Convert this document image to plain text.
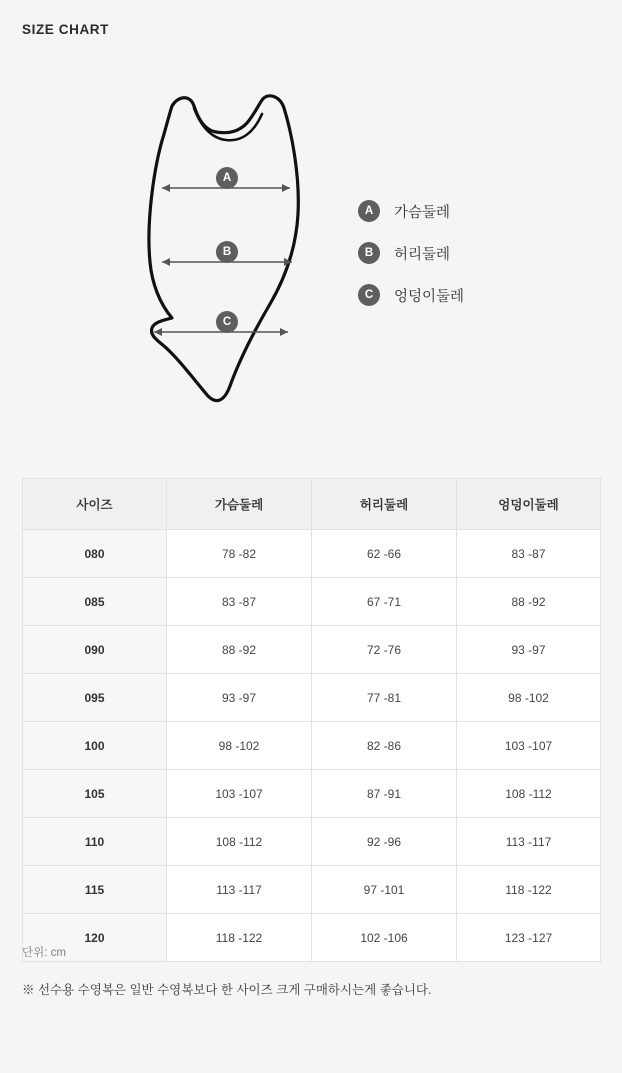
SIZE CHART
A
B
C
A	가슴둘레
B	허리둘레
C	엉덩이둘레
사이즈	가슴둘레	허리둘레	엉덩이둘레
080	78 -82	62 -66	83 -87
085	83 -87	67 -71	88 -92
090	88 -92	72 -76	93 -97
095	93 -97	77 -81	98 -102
100	98 -102	82 -86	103 -107
105	103 -107	87 -91	108 -112
110	108 -112	92 -96	113 -117
115	113 -117	97 -101	118 -122
120	118 -122	102 -106	123 -127
단위: cm
※ 선수용 수영복은 일반 수영복보다 한 사이즈 크게 구매하시는게 좋습니다.
